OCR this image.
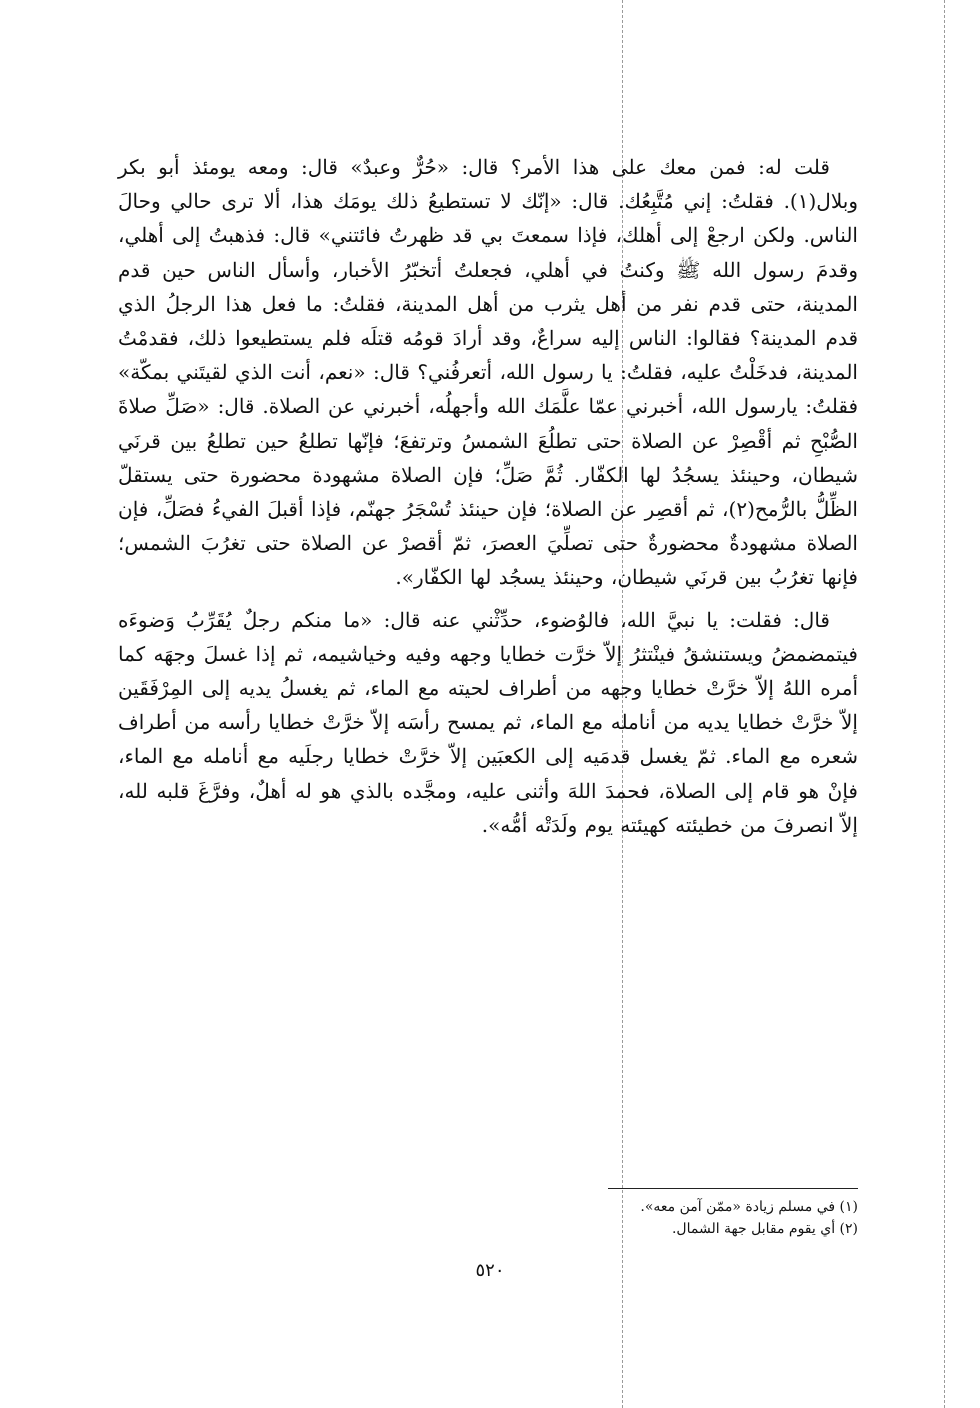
قلت له: فمن معك على هذا الأمر؟ قال: «حُرٌّ وعبدٌ» قال: ومعه يومئذ أبو بكر وبلال(١). فقلتُ: إني مُتَّبِعُك. قال: «إنّك لا تستطيعُ ذلك يومَك هذا، ألا ترى حالي وحالَ الناس. ولكن ارجعْ إلى أهلك، فإذا سمعتَ بي قد ظهرتُ فائتني» قال: فذهبتُ إلى أهلي، وقدمَ رسول الله ﷺ وكنتُ في أهلي، فجعلتُ أتخبّرُ الأخبار، وأسأل الناس حين قدم المدينة، حتى قدم نفر من أهل يثرب من أهل المدينة، فقلتُ: ما فعل هذا الرجلُ الذي قدم المدينة؟ فقالوا: الناس إليه سراعٌ، وقد أرادَ قومُه قتلَه فلم يستطيعوا ذلك، فقدمْتُ المدينة، فدخَلْتُ عليه، فقلتُ: يا رسول الله، أتعرفُني؟ قال: «نعم، أنت الذي لقيتَني بمكّة» فقلتُ: يارسول الله، أخبرني عمّا علَّمَك الله وأجهلُه، أخبرني عن الصلاة. قال: «صَلِّ صلاةَ الصُّبْحِ ثم أقْصِرْ عن الصلاة حتى تطلُعَ الشمسُ وترتفعَ؛ فإنّها تطلعُ حين تطلعُ بين قرنَي شيطان، وحينئذ يسجُدُ لها الكفّار. ثُمَّ صَلِّ؛ فإن الصلاة مشهودة محضورة حتى يستقلّ الظِّلُّ بالرُّمح(٢)، ثم أقصِر عن الصلاة؛ فإن حينئذ تُسْجَرُ جهنّم، فإذا أقبلَ الفيءُ فصَلِّ، فإن الصلاة مشهودةٌ محضورةٌ حتى تصلِّيَ العصرَ، ثمّ أقصرْ عن الصلاة حتى تغرُبَ الشمس؛ فإنها تغرُبُ بين قرنَي شيطان، وحينئذ يسجُد لها الكفّار».

قال: فقلت: يا نبيَّ الله، فالوُضوء، حدِّثْني عنه قال: «ما منكم رجلٌ يُقَرِّبُ وَضوءَه فيتمضمضُ ويستنشقُ فينْتثرُ إلاّ خرَّت خطايا وجهه وفيه وخياشيمه، ثم إذا غسلَ وجهَه كما أمره اللهُ إلاّ خرَّتْ خطايا وجهه من أطراف لحيته مع الماء، ثم يغسلُ يديه إلى المِرْفَقَين إلاّ خرَّتْ خطايا يديه من أنامله مع الماء، ثم يمسح رأسَه إلاّ خرَّتْ خطايا رأسه من أطراف شعره مع الماء. ثمّ يغسل قدمَيه إلى الكعبَين إلاّ خرَّتْ خطايا رجلَيه مع أنامله مع الماء، فإنْ هو قام إلى الصلاة، فحمدَ اللهَ وأثنى عليه، ومجَّده بالذي هو له أهلٌ، وفرَّغَ قلبه لله، إلاّ انصرفَ من خطيئته كهيئته يوم ولَدَتْه أمُّه».

(١) في مسلم زيادة «ممّن آمن معه».
(٢) أي يقوم مقابل جهة الشمال.
٥٢٠
